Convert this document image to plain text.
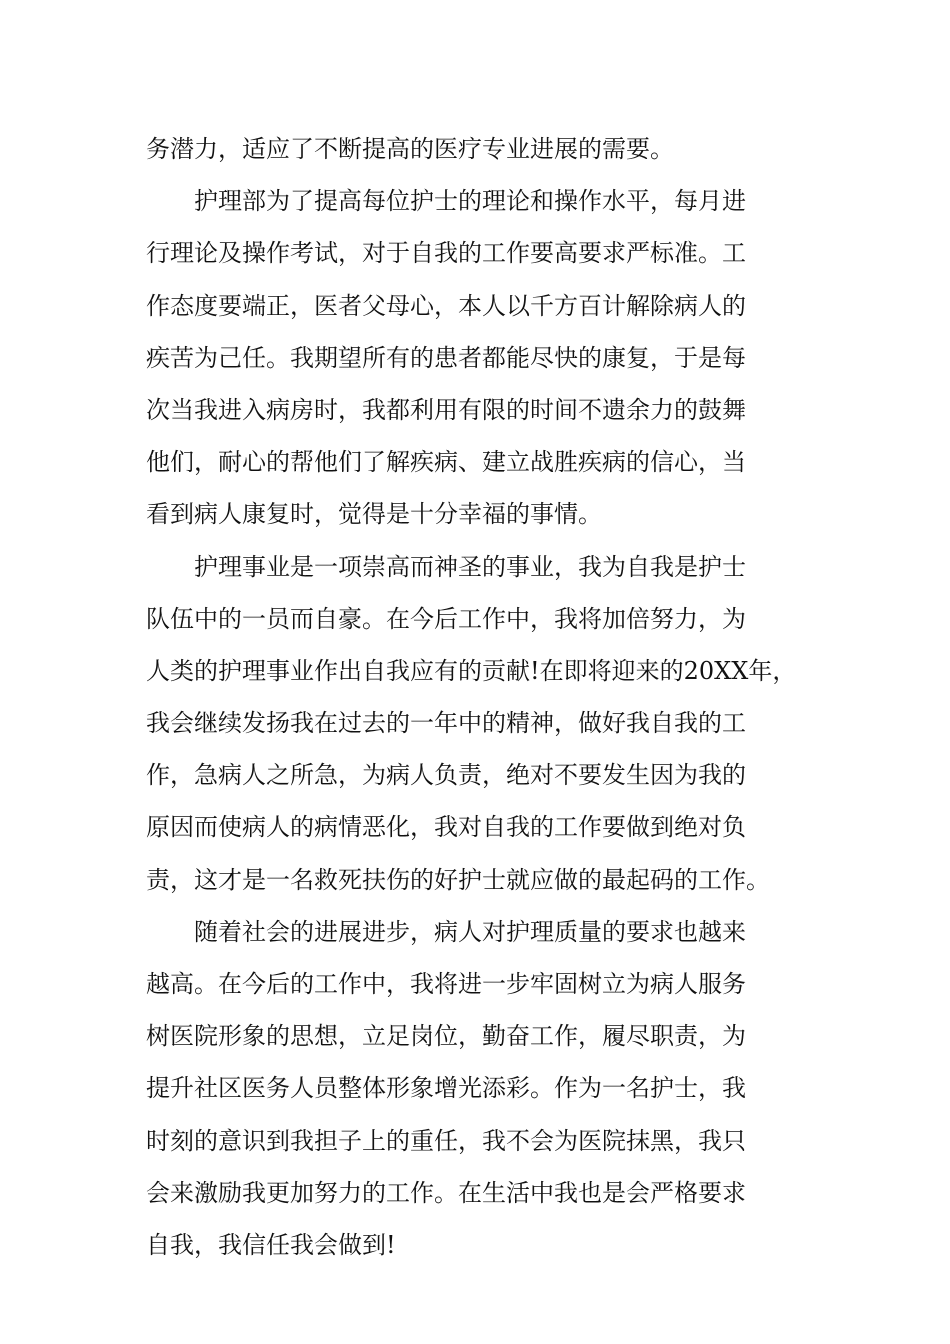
务潜力，适应了不断提高的医疗专业进展的需要。
护理部为了提高每位护士的理论和操作水平，每月进
行理论及操作考试，对于自我的工作要高要求严标准。工
作态度要端正，医者父母心，本人以千方百计解除病人的
疾苦为己任。我期望所有的患者都能尽快的康复，于是每
次当我进入病房时，我都利用有限的时间不遗余力的鼓舞
他们，耐心的帮他们了解疾病、建立战胜疾病的信心，当
看到病人康复时，觉得是十分幸福的事情。
护理事业是一项崇高而神圣的事业，我为自我是护士
队伍中的一员而自豪。在今后工作中，我将加倍努力，为
人类的护理事业作出自我应有的贡献!在即将迎来的20XX年，
我会继续发扬我在过去的一年中的精神，做好我自我的工
作，急病人之所急，为病人负责，绝对不要发生因为我的
原因而使病人的病情恶化，我对自我的工作要做到绝对负
责，这才是一名救死扶伤的好护士就应做的最起码的工作。
随着社会的进展进步，病人对护理质量的要求也越来
越高。在今后的工作中，我将进一步牢固树立为病人服务
树医院形象的思想，立足岗位，勤奋工作，履尽职责，为
提升社区医务人员整体形象增光添彩。作为一名护士，我
时刻的意识到我担子上的重任，我不会为医院抹黑，我只
会来激励我更加努力的工作。在生活中我也是会严格要求
自我，我信任我会做到!
